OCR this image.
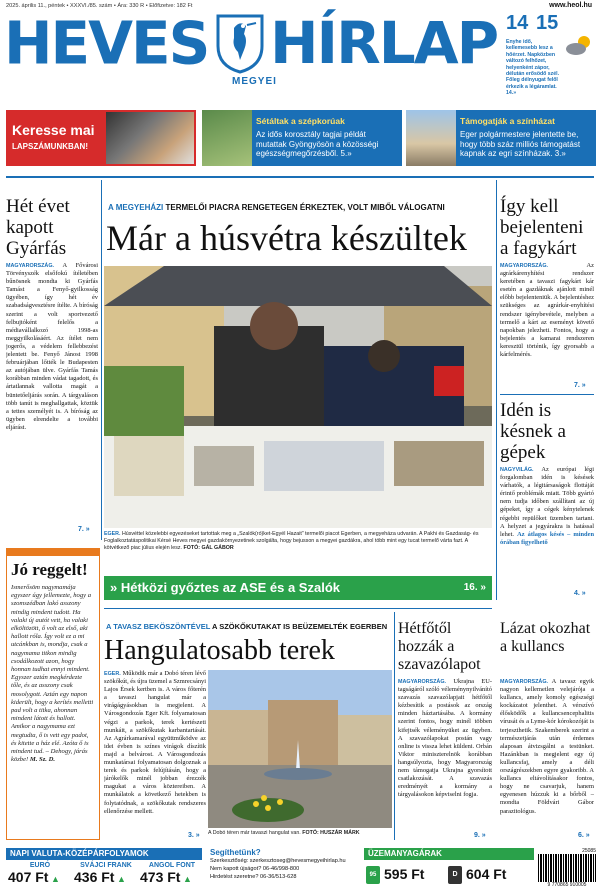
2025. április 11., péntek • XXXVI./85. szám • Ára: 330 R • Előfizetve: 182 Ft	www.heol.hu
HEVES HÍRLAP
MEGYEI
14 15
Enyhe idő, kellemesebb lesz a hőérzet. Napközben változó felhőzet, helyenként zápor, délután erősödő szél. Főleg délnyugat felől érkezik a légáramlat. 14.»
Keresse mai
LAPSZÁMUNKBAN!
Sétáltak a szépkorúak
Az idős korosztály tagjai példát mutattak Gyöngyösön a közösségi egészségmegőrzésből. 5.»
Támogatják a színházat
Eger polgármestere jelentette be, hogy több száz milliós támogatást kapnak az egri színházak. 3.»
Hét évet kapott Gyárfás
MAGYARORSZÁG. A Fővárosi Törvényszék elsőfokú ítéletében bűnösnek mondta ki Gyárfás Tamást a Fenyő-gyilkosság ügyében, így hét év szabadságvesztésre ítélte. A bíróság szerint a volt sportvezető felbujtóként felelős a médiavállalkozó 1998-as meggyilkolásáért. Az ítélet nem jogerős, a védelem fellebbezést jelentett be. Fenyő Jánost 1998 februárjában lőtték le Budapesten az autójában ülve. Gyárfás Tamás korábban minden vádat tagadott, és ártatlannak vallotta magát a büntetőeljárás során. A tárgyaláson több tanút is meghallgattak, köztük a tettes személyét is. A bíróság az ügyben elrendelte a további eljárást.
7. »
A MEGYEHÁZI TERMELŐI PIACRA RENGETEGEN ÉRKEZTEK, VOLT MIBŐL VÁLOGATNI
Már a húsvétra készültek
EGER. Húsvéttel közelebbi egyezéseket tartottak meg a „Szalók(ró)ket-Egyél Hazait” termelői piacot Egerben, a megyeháza udvarán. A Pakhi és Gazdaság- és Foglalkoztatáspolitikai Kérsé Heves megyei gazdakörnyezetinek szolgálta, hogy bejusson a megyei gazdákra, ahol több mint egy tucat termelő várta fazt. A kötvétkező piac július elején lesz. FOTÓ: GÁL GÁBOR
Így kell bejelenteni a fagykárt
MAGYARORSZÁG.	Az agrárkárenyhítési rendszer keretében a tavaszi fagykárt kár esetén a gazdáknak ajánlott minél előbb bejelenteniük. A bejelentéshez szükséges az agrárkár-enyhítési rendszer igénybevétele, melyben a termelő a kárt az eseményt követő napokban jelezheti. Fontos, hogy a bejelentés a kamarai rendszeren keresztül történik, így gyorsabb a kárfelmérés.
7. »
Idén is késnek a gépek
NAGYVILÁG. Az európai légi forgalomban idén is késések várhatók, a légitársaságok flottáját érintő problémák miatt. Több gyártó nem tudja időben szállítani az új gépeket, így a cégek kénytelenek régebbi repülőket üzemben tartani. A helyzet a jegyárakra is hatással lehet. Az átlagos késés – minden órában figyelhető
4. »
» Hétközi győztes az ASE és a Szalók	16. »
Jó reggelt!
Ismerősöm nagymamája egyszer úgy jellemezte, hogy a szomszédban lakó asszony mindig mindent tudott. Ha valaki új autót vett, ha valaki elköltözött, ő volt az első, aki hallott róla. Így volt ez a mi utcánkban is, mondja, csak a nagymama titkon mindig csodálkozott azon, hogy honnan tudhat ennyi mindent. Egyszer aztán megkérdezte tőle, és az asszony csak mosolygott. Aztán egy napon kiderült, hogy a kerítés melletti pad volt a titka, ahonnan mindent látott és hallott. Amikor a nagymama ezt megtudta, ő is vett egy padot, és kitette a ház elé. Azóta ő is mindent tud. – Dehogy, járás közbe! M. Sz. D.
A TAVASZ BEKÖSZÖNTÉVEL A SZÖKŐKUTAKAT IS BEÜZEMELTÉK EGERBEN
Hangulatosabb terek
EGER. Működik már a Dobó téren lévő szökőkút, és újra üzemel a Szmrecsányi Lajos Érsek kertben is. A város főterén a tavaszi hangulat már a virágágyásokban is megjelent. A Városgondozás Eger Kft. folyamatosan végzi a parkok, terek kertészeti munkáit, a szökőkutak karbantartását. Az Agrárkamarával együttműködve az idei évben is színes virágok díszítik majd a belvárost. A Városgondozás munkatársai folyamatosan dolgoznak a terek és parkok felújításán, hogy a járókelők minél jobban érezzék magukat a város köztereiben. A munkálatok a következő hetekben is folytatódnak, a szökőkutak rendszeres ellenőrzése mellett.
3. » A Dobó téren már tavaszi hangulat van. FOTÓ: HUSZÁR MÁRK
Hétfőtől hozzák a szavazólapot
MAGYARORSZÁG. Ukrajna EU-tagságáról szóló véleménynyilvánító szavazás szavazólapjait hétfőtől kézbesítik a postások az ország minden háztartásába. A kormány szerint fontos, hogy minél többen kifejtsék véleményüket az ügyben. A szavazólapokat postán vagy online is vissza lehet küldeni. Orbán Viktor miniszterelnök korábban hangsúlyozta, hogy Magyarország nem támogatja Ukrajna gyorsított csatlakozását. A szavazás eredményét a kormány a tárgyalásokon képviselni fogja.
9. »
Lázat okozhat a kullancs
MAGYARORSZÁG. A tavasz egyik nagyon kellemetlen velejárója a kullancs, amely komoly egészségi kockázatot jelenthet. A vérszívó élősködők a kullancsencephalitis vírusát és a Lyme-kór kórokozóját is terjeszthetik. Szakemberek szerint a természetjárás után érdemes alaposan átvizsgálni a testünket. Hazánkban is megjelent egy új kullancsfaj, amely a déli országrészekben egyre gyakoribb. A kullancs eltávolításakor fontos, hogy ne csavarjuk, hanem egyenesen húzzuk ki a bőrből – mondta Földvári Gábor parazitológus.
6. »
NAPI VALUTA-KÖZÉPÁRFOLYAMOK
EURÓ
407 Ft ▲
SVÁJCI FRANK
436 Ft ▲
ANGOL FONT
473 Ft ▲
Segíthetünk?
Szerkesztőség: szerkesztoseg@hevesmegyeihirlap.hu
Nem kapott újságot? 06-46/998-800
Hirdetést szeretne? 06-36/513-628
ÜZEMANYAGÁRAK
95 595 Ft	D 604 Ft
25085
9 770865 910005
